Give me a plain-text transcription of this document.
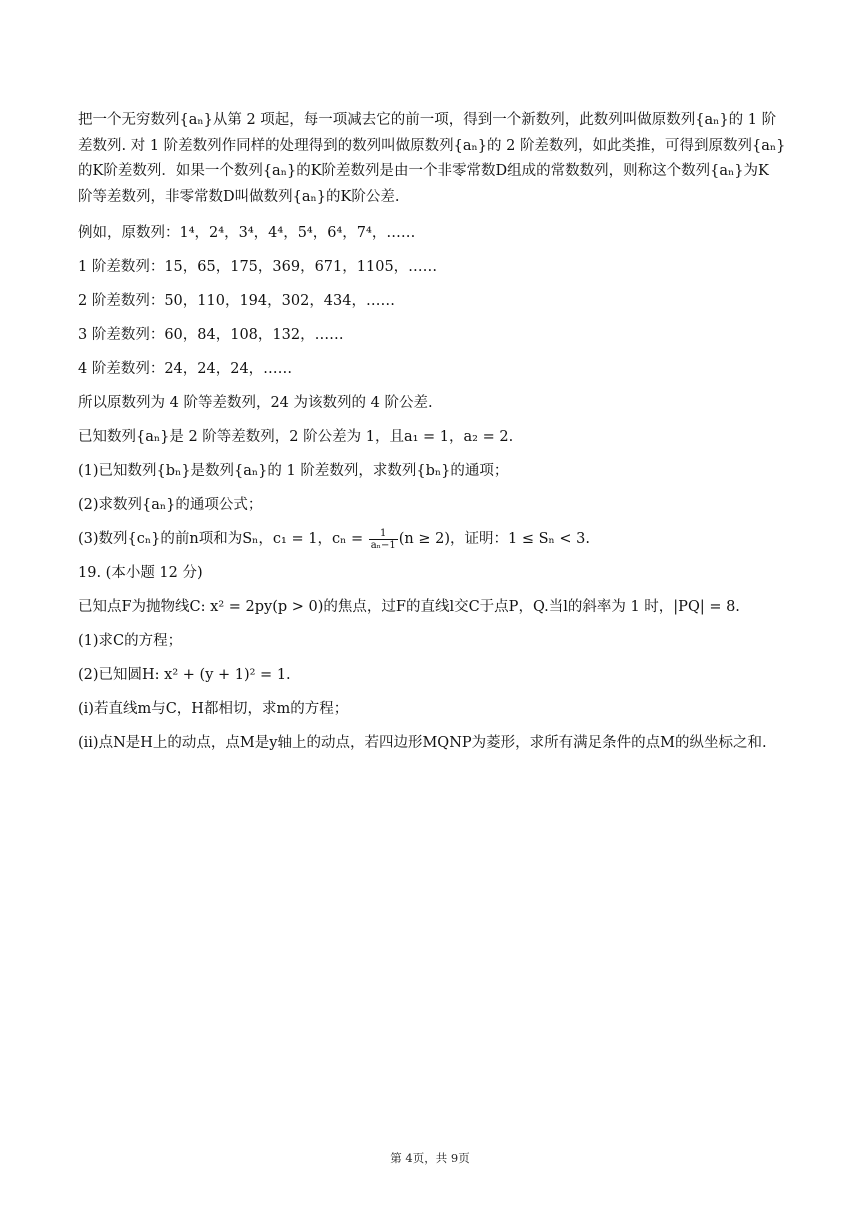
把一个无穷数列{aₙ}从第 2 项起，每一项减去它的前一项，得到一个新数列，此数列叫做原数列{aₙ}的 1 阶

差数列. 对 1 阶差数列作同样的处理得到的数列叫做原数列{aₙ}的 2 阶差数列，如此类推，可得到原数列{aₙ}

的K阶差数列．如果一个数列{aₙ}的K阶差数列是由一个非零常数D组成的常数数列，则称这个数列{aₙ}为K

阶等差数列，非零常数D叫做数列{aₙ}的K阶公差.

例如，原数列：1⁴，2⁴，3⁴，4⁴，5⁴，6⁴，7⁴，……
1 阶差数列：15，65，175，369，671，1105，……
2 阶差数列：50，110，194，302，434，……
3 阶差数列：60，84，108，132，……
4 阶差数列：24，24，24，……
所以原数列为 4 阶等差数列，24 为该数列的 4 阶公差.
已知数列{aₙ}是 2 阶等差数列，2 阶公差为 1，且a₁ = 1，a₂ = 2.
(1)已知数列{bₙ}是数列{aₙ}的 1 阶差数列，求数列{bₙ}的通项；
(2)求数列{aₙ}的通项公式；
(3)数列{cₙ}的前n项和为Sₙ，c₁ = 1，$c_n = \frac{1}{\text{aₙ−1}} (n \ge 2)$，证明：1 ≤ Sₙ < 3.
19. (本小题 12 分)
已知点F为抛物线C: x² = 2py(p > 0)的焦点，过F的直线l交C于点P，Q.当l的斜率为 1 时，|PQ| = 8.
(1)求C的方程；
(2)已知圆H: x² + (y + 1)² = 1.
(i)若直线m与C，H都相切，求m的方程；
(ii)点N是H上的动点，点M是y轴上的动点，若四边形MQNP为菱形，求所有满足条件的点M的纵坐标之和.
第 4页，共 9页
